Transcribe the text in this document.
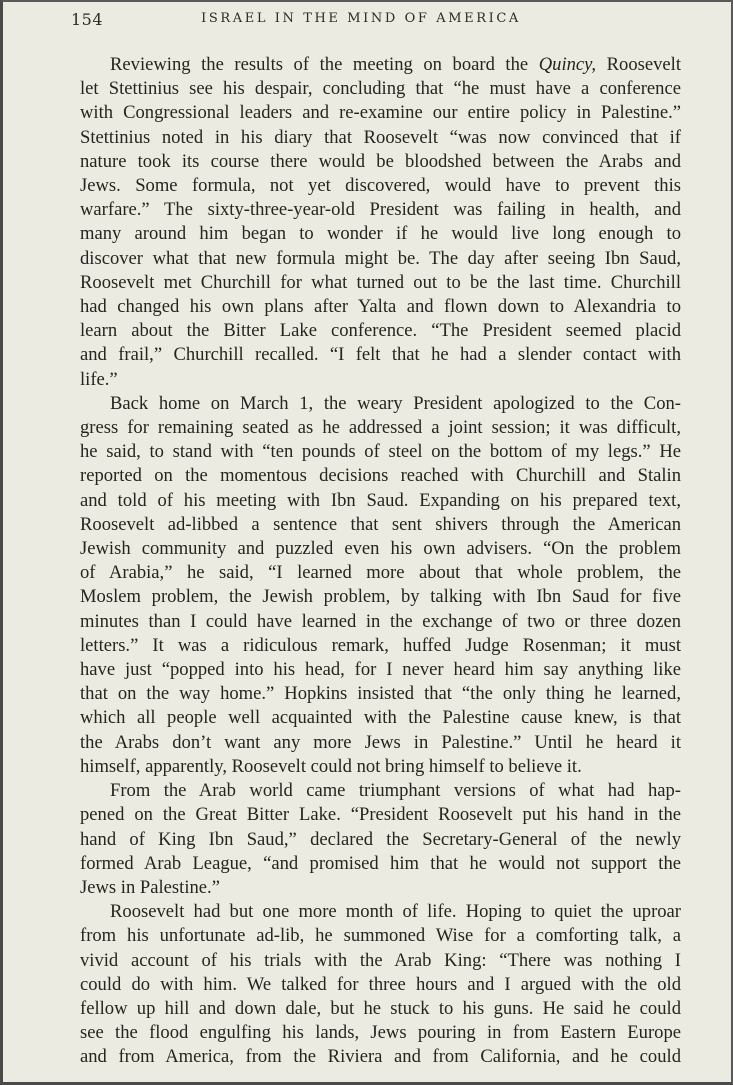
154	ISRAEL IN THE MIND OF AMERICA
Reviewing the results of the meeting on board the Quincy, Roosevelt
let Stettinius see his despair, concluding that “he must have a conference
with Congressional leaders and re-examine our entire policy in Palestine.”
Stettinius noted in his diary that Roosevelt “was now convinced that if
nature took its course there would be bloodshed between the Arabs and
Jews. Some formula, not yet discovered, would have to prevent this
warfare.” The sixty-three-year-old President was failing in health, and
many around him began to wonder if he would live long enough to
discover what that new formula might be. The day after seeing Ibn Saud,
Roosevelt met Churchill for what turned out to be the last time. Churchill
had changed his own plans after Yalta and flown down to Alexandria to
learn about the Bitter Lake conference. “The President seemed placid
and frail,” Churchill recalled. “I felt that he had a slender contact with
life.”
Back home on March 1, the weary President apologized to the Con-
gress for remaining seated as he addressed a joint session; it was difficult,
he said, to stand with “ten pounds of steel on the bottom of my legs.” He
reported on the momentous decisions reached with Churchill and Stalin
and told of his meeting with Ibn Saud. Expanding on his prepared text,
Roosevelt ad-libbed a sentence that sent shivers through the American
Jewish community and puzzled even his own advisers. “On the problem
of Arabia,” he said, “I learned more about that whole problem, the
Moslem problem, the Jewish problem, by talking with Ibn Saud for five
minutes than I could have learned in the exchange of two or three dozen
letters.” It was a ridiculous remark, huffed Judge Rosenman; it must
have just “popped into his head, for I never heard him say anything like
that on the way home.” Hopkins insisted that “the only thing he learned,
which all people well acquainted with the Palestine cause knew, is that
the Arabs don’t want any more Jews in Palestine.” Until he heard it
himself, apparently, Roosevelt could not bring himself to believe it.
From the Arab world came triumphant versions of what had hap-
pened on the Great Bitter Lake. “President Roosevelt put his hand in the
hand of King Ibn Saud,” declared the Secretary-General of the newly
formed Arab League, “and promised him that he would not support the
Jews in Palestine.”
Roosevelt had but one more month of life. Hoping to quiet the uproar
from his unfortunate ad-lib, he summoned Wise for a comforting talk, a
vivid account of his trials with the Arab King: “There was nothing I
could do with him. We talked for three hours and I argued with the old
fellow up hill and down dale, but he stuck to his guns. He said he could
see the flood engulfing his lands, Jews pouring in from Eastern Europe
and from America, from the Riviera and from California, and he could
